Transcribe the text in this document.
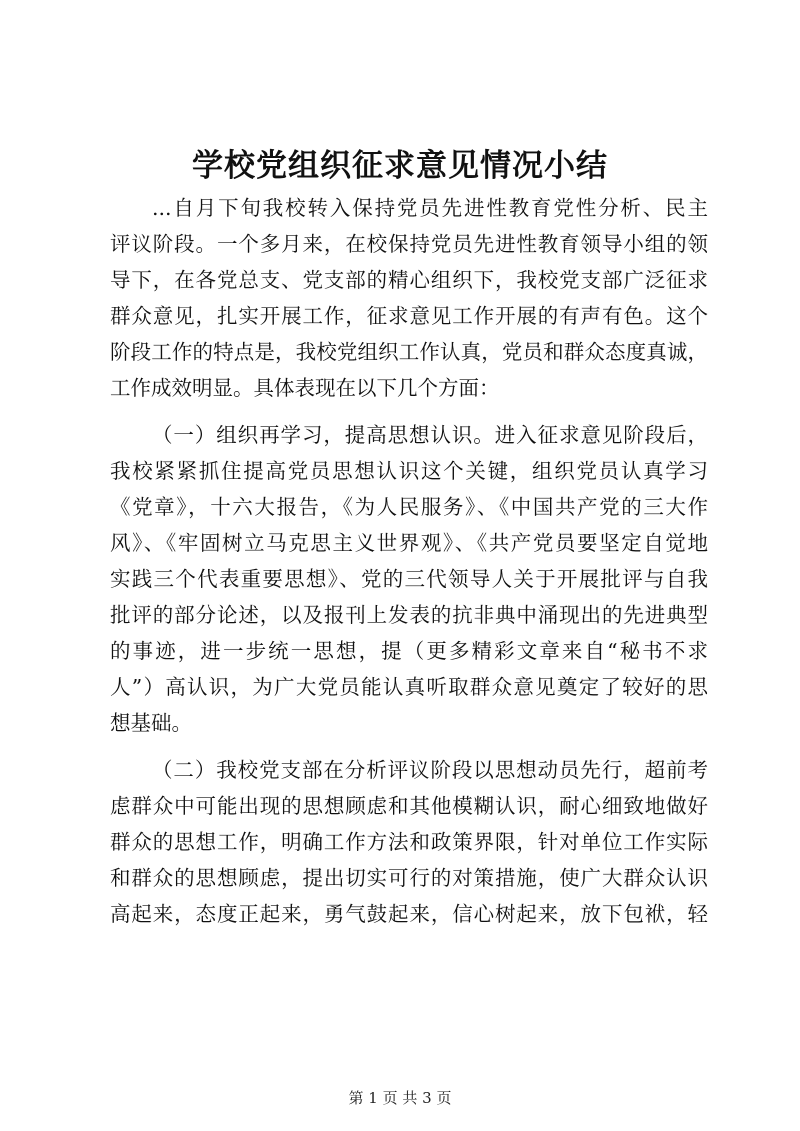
学校党组织征求意见情况小结
...自月下旬我校转入保持党员先进性教育党性分析、民主
评议阶段。一个多月来，在校保持党员先进性教育领导小组的领
导下，在各党总支、党支部的精心组织下，我校党支部广泛征求
群众意见，扎实开展工作，征求意见工作开展的有声有色。这个
阶段工作的特点是，我校党组织工作认真，党员和群众态度真诚，
工作成效明显。具体表现在以下几个方面：
（一）组织再学习，提高思想认识。进入征求意见阶段后，
我校紧紧抓住提高党员思想认识这个关键，组织党员认真学习
《党章》，十六大报告，《为人民服务》、《中国共产党的三大作
风》、《牢固树立马克思主义世界观》、《共产党员要坚定自觉地
实践三个代表重要思想》、党的三代领导人关于开展批评与自我
批评的部分论述，以及报刊上发表的抗非典中涌现出的先进典型
的事迹，进一步统一思想，提（更多精彩文章来自“秘书不求
人”）高认识，为广大党员能认真听取群众意见奠定了较好的思
想基础。
（二）我校党支部在分析评议阶段以思想动员先行，超前考
虑群众中可能出现的思想顾虑和其他模糊认识，耐心细致地做好
群众的思想工作，明确工作方法和政策界限，针对单位工作实际
和群众的思想顾虑，提出切实可行的对策措施，使广大群众认识
高起来，态度正起来，勇气鼓起来，信心树起来，放下包袱，轻
第 1 页 共 3 页
